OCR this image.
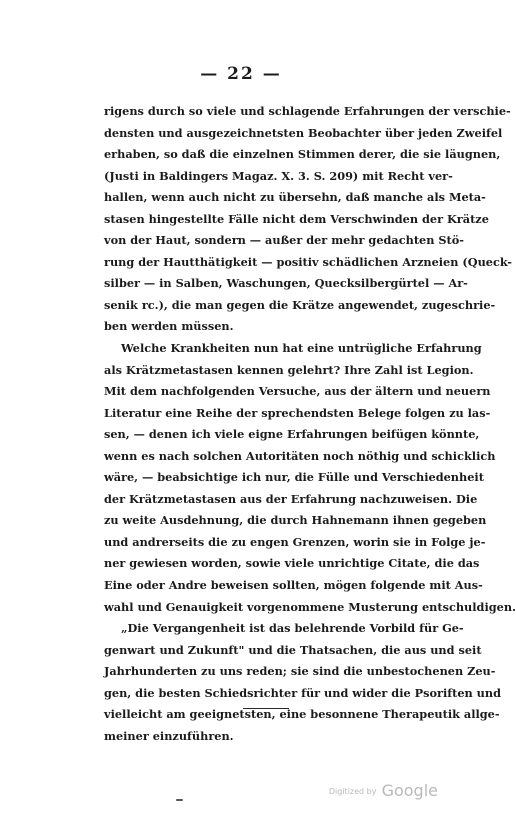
— 22 —
rigens durch so viele und schlagende Erfahrungen der verschie-
densten und ausgezeichnetsten Beobachter über jeden Zweifel
erhaben, so daß die einzelnen Stimmen derer, die sie läugnen,
(Justi in Baldingers Magaz. X. 3. S. 209) mit Recht ver-
hallen, wenn auch nicht zu übersehn, daß manche als Meta-
stasen hingestellte Fälle nicht dem Verschwinden der Krätze
von der Haut, sondern — außer der mehr gedachten Stö-
rung der Hautthätigkeit — positiv schädlichen Arzneien (Queck-
silber — in Salben, Waschungen, Quecksilbergürtel — Ar-
senik rc.), die man gegen die Krätze angewendet, zugeschrie-
ben werden müssen.
Welche Krankheiten nun hat eine untrügliche Erfahrung
als Krätzmetastasen kennen gelehrt? Ihre Zahl ist Legion.
Mit dem nachfolgenden Versuche, aus der ältern und neuern
Literatur eine Reihe der sprechendsten Belege folgen zu las-
sen, — denen ich viele eigne Erfahrungen beifügen könnte,
wenn es nach solchen Autoritäten noch nöthig und schicklich
wäre, — beabsichtige ich nur, die Fülle und Verschiedenheit
der Krätzmetastasen aus der Erfahrung nachzuweisen. Die
zu weite Ausdehnung, die durch Hahnemann ihnen gegeben
und andrerseits die zu engen Grenzen, worin sie in Folge je-
ner gewiesen worden, sowie viele unrichtige Citate, die das
Eine oder Andre beweisen sollten, mögen folgende mit Aus-
wahl und Genauigkeit vorgenommene Musterung entschuldigen.
„Die Vergangenheit ist das belehrende Vorbild für Ge-
genwart und Zukunft" und die Thatsachen, die aus und seit
Jahrhunderten zu uns reden; sie sind die unbestochenen Zeu-
gen, die besten Schiedsrichter für und wider die Psoriften und
vielleicht am geeignetsten, eine besonnene Therapeutik allge-
meiner einzuführen.
Digitized by Google
